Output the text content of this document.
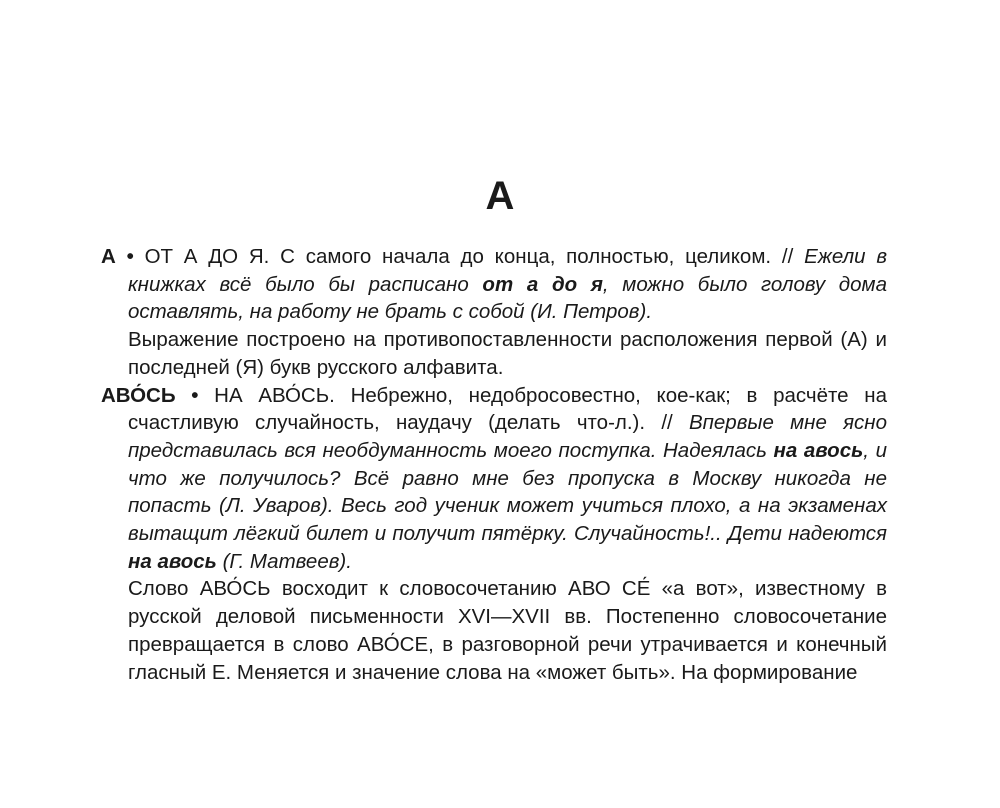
А

А • ОТ А ДО Я. С самого начала до конца, полностью, целиком. // Ежели в книжках всё было бы расписано от а до я, можно было голову дома оставлять, на работу не брать с собой (И. Петров).

Выражение построено на противопоставленности расположения первой (А) и последней (Я) букв русского алфавита.

АВО́СЬ • НА АВО́СЬ. Небрежно, недобросовестно, кое-как; в расчёте на счастливую случайность, наудачу (делать что-л.). // Впервые мне ясно представилась вся необдуманность моего поступка. Надеялась на авось, и что же получилось? Всё равно мне без пропуска в Москву никогда не попасть (Л. Уваров). Весь год ученик может учиться плохо, а на экзаменах вытащит лёгкий билет и получит пятёрку. Случайность!.. Дети надеются на авось (Г. Матвеев).

Слово АВО́СЬ восходит к словосочетанию АВО СЕ́ «а вот», известному в русской деловой письменности XVI—XVII вв. Постепенно словосочетание превращается в слово АВО́СЕ, в разговорной речи утрачивается и конечный гласный Е. Меняется и значение слова на «может быть». На формирование
